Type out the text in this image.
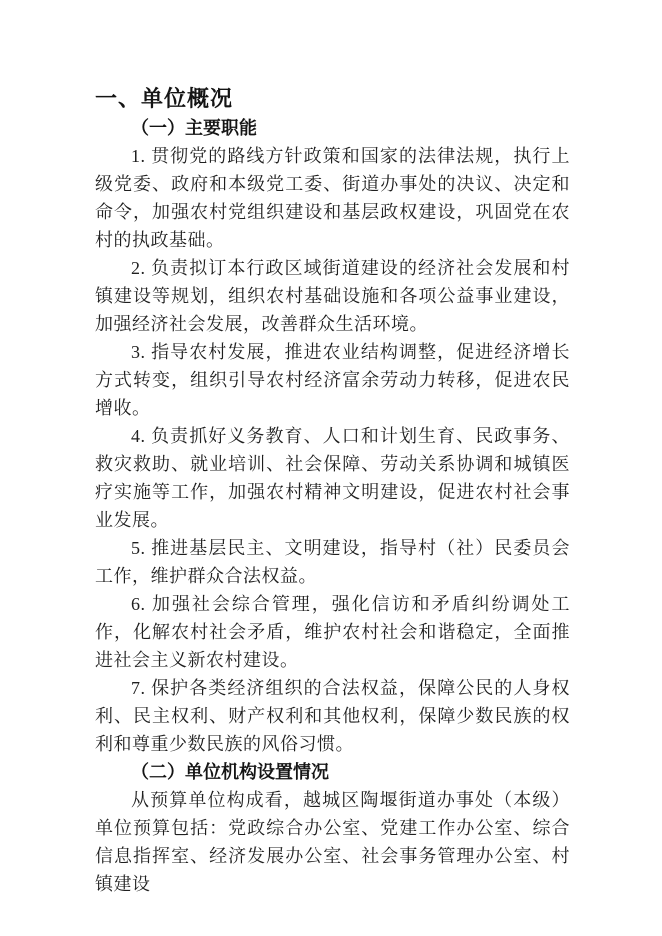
一、单位概况
（一）主要职能

1. 贯彻党的路线方针政策和国家的法律法规，执行上级党委、政府和本级党工委、街道办事处的决议、决定和命令，加强农村党组织建设和基层政权建设，巩固党在农村的执政基础。

2. 负责拟订本行政区域街道建设的经济社会发展和村镇建设等规划，组织农村基础设施和各项公益事业建设，加强经济社会发展，改善群众生活环境。

3. 指导农村发展，推进农业结构调整，促进经济增长方式转变，组织引导农村经济富余劳动力转移，促进农民增收。

4. 负责抓好义务教育、人口和计划生育、民政事务、救灾救助、就业培训、社会保障、劳动关系协调和城镇医疗实施等工作，加强农村精神文明建设，促进农村社会事业发展。

5. 推进基层民主、文明建设，指导村（社）民委员会工作，维护群众合法权益。

6. 加强社会综合管理，强化信访和矛盾纠纷调处工作，化解农村社会矛盾，维护农村社会和谐稳定，全面推进社会主义新农村建设。

7. 保护各类经济组织的合法权益，保障公民的人身权利、民主权利、财产权利和其他权利，保障少数民族的权利和尊重少数民族的风俗习惯。

（二）单位机构设置情况

从预算单位构成看，越城区陶堰街道办事处（本级）单位预算包括：党政综合办公室、党建工作办公室、综合信息指挥室、经济发展办公室、社会事务管理办公室、村镇建设
